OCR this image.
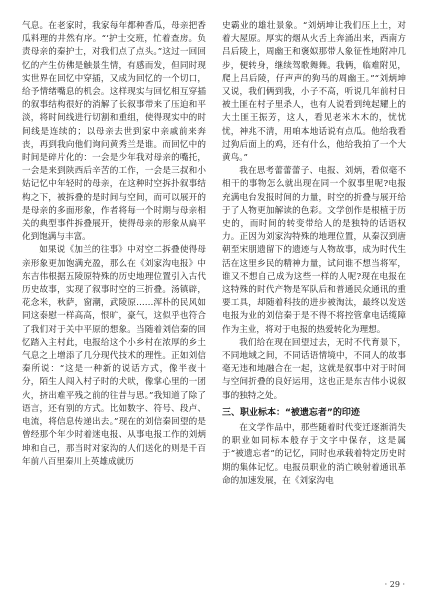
气息。在老家时，我家每年都种香瓜，母亲把香瓜料理的井然有序。“‘护士交班，忙着查房。负责母亲的秦护士，对我们点了点头。”这过一回回忆的产生仿佛是触景生情，有感而发，但同时现实世界在回忆中穿插，又成为回忆的一个切口，给予情绪嘴息的机会。这样现实与回忆相互穿插的叙事结构很好的消解了长叙事带来了压迫和平淡，将时间线进行切割和重组，使得现实中的时间线是连续的；以母亲去世到家中亲戚前来奔丧，再到我向他们询问黄秀兰是谁。而回忆中的时间是碎片化的：一会是少年我对母亲的嘴托，一会是来到陕西后辛苦的工作，一会是三叔和小姑记忆中年轻时的母亲，在这种时空拆扑叙事结构之下，被拆叠的是时间与空间，而可以展开的是母亲的多面形象，作者将每一个时期与母亲相关的典型事件拆叠展开，使得母亲的形象从扁平化到饱满与丰富。

如果说《加兰的往事》中对空二拆叠使得母亲形象更加饱满充盈，那么在《刘家沟电报》中东吉伟根据五陵原特殊的历史地理位置引入古代历史故事，实现了叙事时空的三折叠。汤镇辟，花念米，秋萨，窗潮，武陵原……浑朴的民风如同这泰慰一样高高，恨旷，豪气，这似乎也符合了我们对于关中平原的想象。当随着刘信秦的回忆踏入主村此，电报给这个小乡村在浓厚的乡土气息之上增添了几分现代技术的理性。正如刘信秦所说：“这是一种新的说话方式，像半夜十分，陌生人闯入村子时的犬吠，像掌心里的一团火，挤出难平残之前的往昔与思。”我知道了除了语言，还有别的方式。比如数字、符号、段卢、电流，将信息传递出去。”现在的刘信秦回望的是曾经那个年少时着迷电报、从事电报工作的刘炳坤和自己，那当时对家沟的人们送化的则是千百年前八百里秦川上英雄成就历

史霸业的雄壮景象。“刘炳坤让我们压上土，对着大屋原。厚实的烟从火舌上奔涌出来，西南方吕后陵上，周幽王和褒姒那带人象征性地附冲几步，便转身，继续驾歌舞舞。我俩，临难附见，爬上吕后陵，仔声声的狗马的周幽王。”“刘炳坤又说，我们俩到我，小子不高，听说几年前村日被土匪在村子里杀人，也有人说看到纯起耀上的大土匪王振芳，这人，看见老米木木的，忧忧忧，神兆不清，用咱本地话说有点瓜。他给我看过狗后面上的鸡，还有什么，他给我拍了一个大黄鸟。”

我在思考蕾蕾蕾子、电报、刘炳，看似毫不相干的事物怎么就出现在同一个叙事里呢?电报充满电台发报时间的力量，时空的折叠与展开给于了人物更加解读的色彩。文学创作是根植于历史的，而时间的转变带给人的是独特的话语权力。正因为刘家沟特殊的地理位置，从秦汉到唐朝至宋朋遗留下的遗迹与人物故事，成为时代生活在这里乡民的精神力量，试问谁不想当将军，谁又不想自己成为这些一样的人呢?现在电报在这特殊的时代产物是军队后和普通民众通讯的重要工具，却随着科技的进步被淘汰，最终以发送电报为业的刘信秦于是不得不将控管拿电话缆障作为主业，将对于电报的热爱转化为理想。

我们给在现在回望过去，无时不代育景下，不同地域之间，不同话语情境中，不同人的故事毫无违和地融合在一起，这就是叙事中对于时间与空间折叠的良好运用，这也正是东吉伟小说叙事的独特之处。

三、职业标本：“被遗忘者”的印迹

在文学作品中，那些随着时代变迁逐渐消失的职业如同标本般存于文字中保存，这是属于“被遗忘者”的记忆，同时也承载着特定历史时期的集体记忆。电报员职业的消亡映射着通讯革命的加速发展，在《刘家沟电

· 29 ·
